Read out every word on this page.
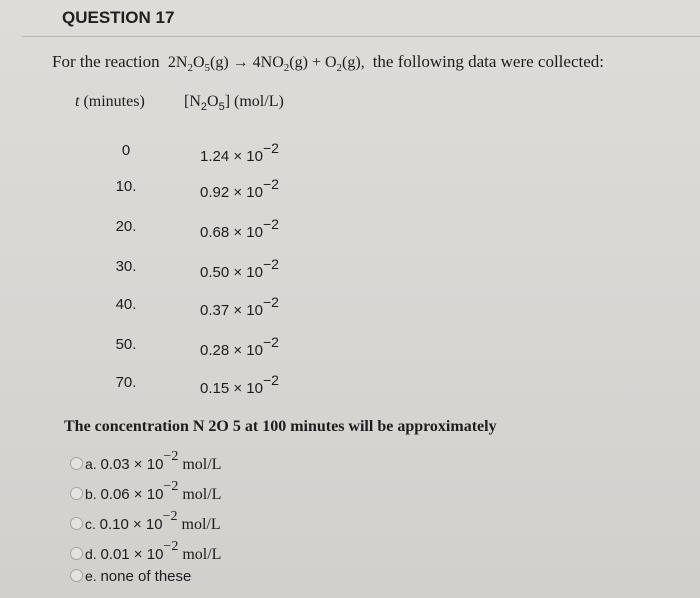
QUESTION 17
For the reaction $2N_2O_5(g) \to 4NO_2(g) + O_2(g)$, the following data were collected:
t (minutes) $[N_2O_5]$ (mol/L)
0	$1.24 \times 10^{-2}$
10.	$0.92 \times 10^{-2}$
20.	$0.68 \times 10^{-2}$
30.	$0.50 \times 10^{-2}$
40.	$0.37 \times 10^{-2}$
50.	$0.28 \times 10^{-2}$
70.	$0.15 \times 10^{-2}$
The concentration N 2O 5 at 100 minutes will be approximately
a. $0.03 \times 10^{-2}$ mol/L
b. $0.06 \times 10^{-2}$ mol/L
c. $0.10 \times 10^{-2}$ mol/L
d. $0.01 \times 10^{-2}$ mol/L
e. none of these
